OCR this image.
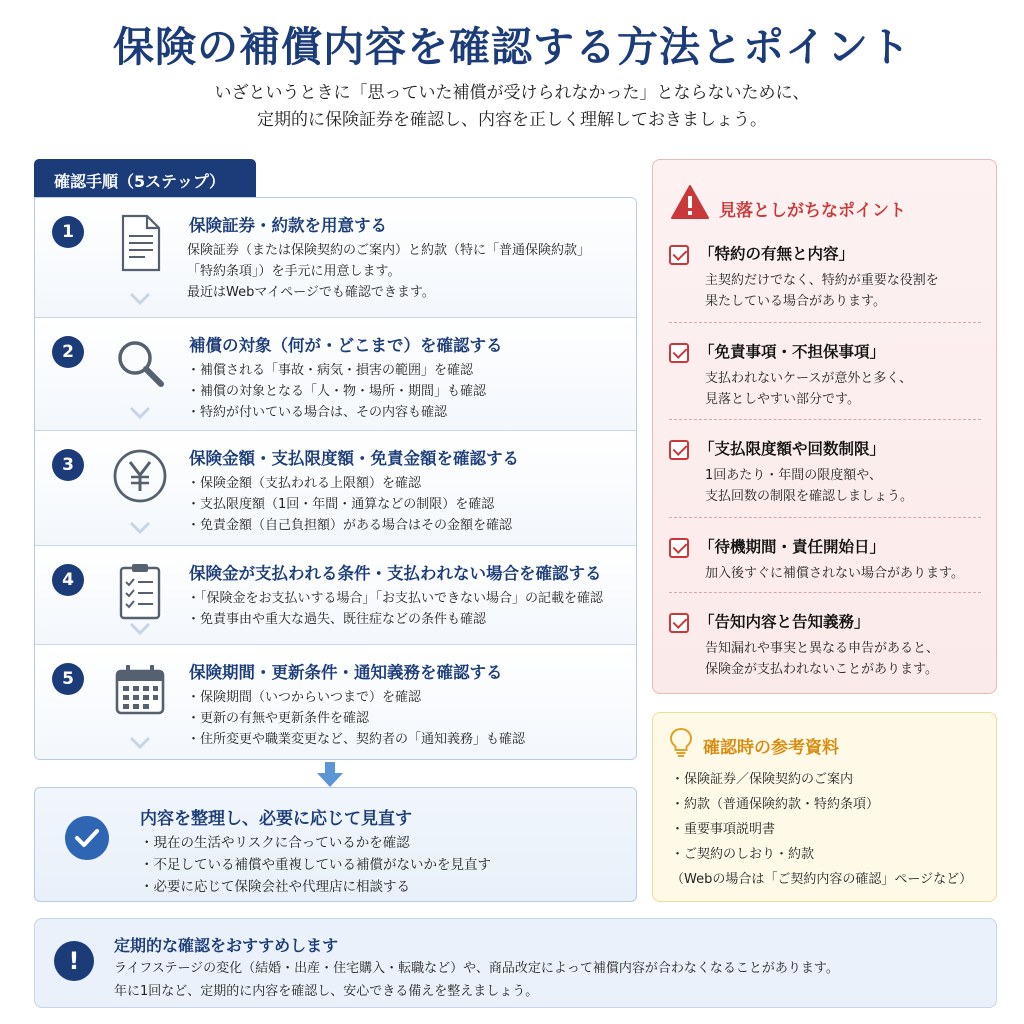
保険の補償内容を確認する方法とポイント
いざというときに「思っていた補償が受けられなかった」とならないために、
定期的に保険証券を確認し、内容を正しく理解しておきましょう。
確認手順（5ステップ）
1	保険証券・約款を用意する
保険証券（または保険契約のご案内）と約款（特に「普通保険約款」
「特約条項」）を手元に用意します。
最近はWebマイページでも確認できます。
2	補償の対象（何が・どこまで）を確認する
・補償される「事故・病気・損害の範囲」を確認
・補償の対象となる「人・物・場所・期間」も確認
・特約が付いている場合は、その内容も確認
3	保険金額・支払限度額・免責金額を確認する
・保険金額（支払われる上限額）を確認
・支払限度額（1回・年間・通算などの制限）を確認
・免責金額（自己負担額）がある場合はその金額を確認
4	保険金が支払われる条件・支払われない場合を確認する
・「保険金をお支払いする場合」「お支払いできない場合」の記載を確認
・免責事由や重大な過失、既往症などの条件も確認
5	保険期間・更新条件・通知義務を確認する
・保険期間（いつからいつまで）を確認
・更新の有無や更新条件を確認
・住所変更や職業変更など、契約者の「通知義務」も確認
内容を整理し、必要に応じて見直す
・現在の生活やリスクに合っているかを確認
・不足している補償や重複している補償がないかを見直す
・必要に応じて保険会社や代理店に相談する
見落としがちなポイント
「特約の有無と内容」
主契約だけでなく、特約が重要な役割を
果たしている場合があります。
「免責事項・不担保事項」
支払われないケースが意外と多く、
見落としやすい部分です。
「支払限度額や回数制限」
1回あたり・年間の限度額や、
支払回数の制限を確認しましょう。
「待機期間・責任開始日」
加入後すぐに補償されない場合があります。
「告知内容と告知義務」
告知漏れや事実と異なる申告があると、
保険金が支払われないことがあります。
確認時の参考資料
・保険証券／保険契約のご案内
・約款（普通保険約款・特約条項）
・重要事項説明書
・ご契約のしおり・約款
（Webの場合は「ご契約内容の確認」ページなど）
!
定期的な確認をおすすめします
ライフステージの変化（結婚・出産・住宅購入・転職など）や、商品改定によって補償内容が合わなくなることがあります。
年に1回など、定期的に内容を確認し、安心できる備えを整えましょう。
